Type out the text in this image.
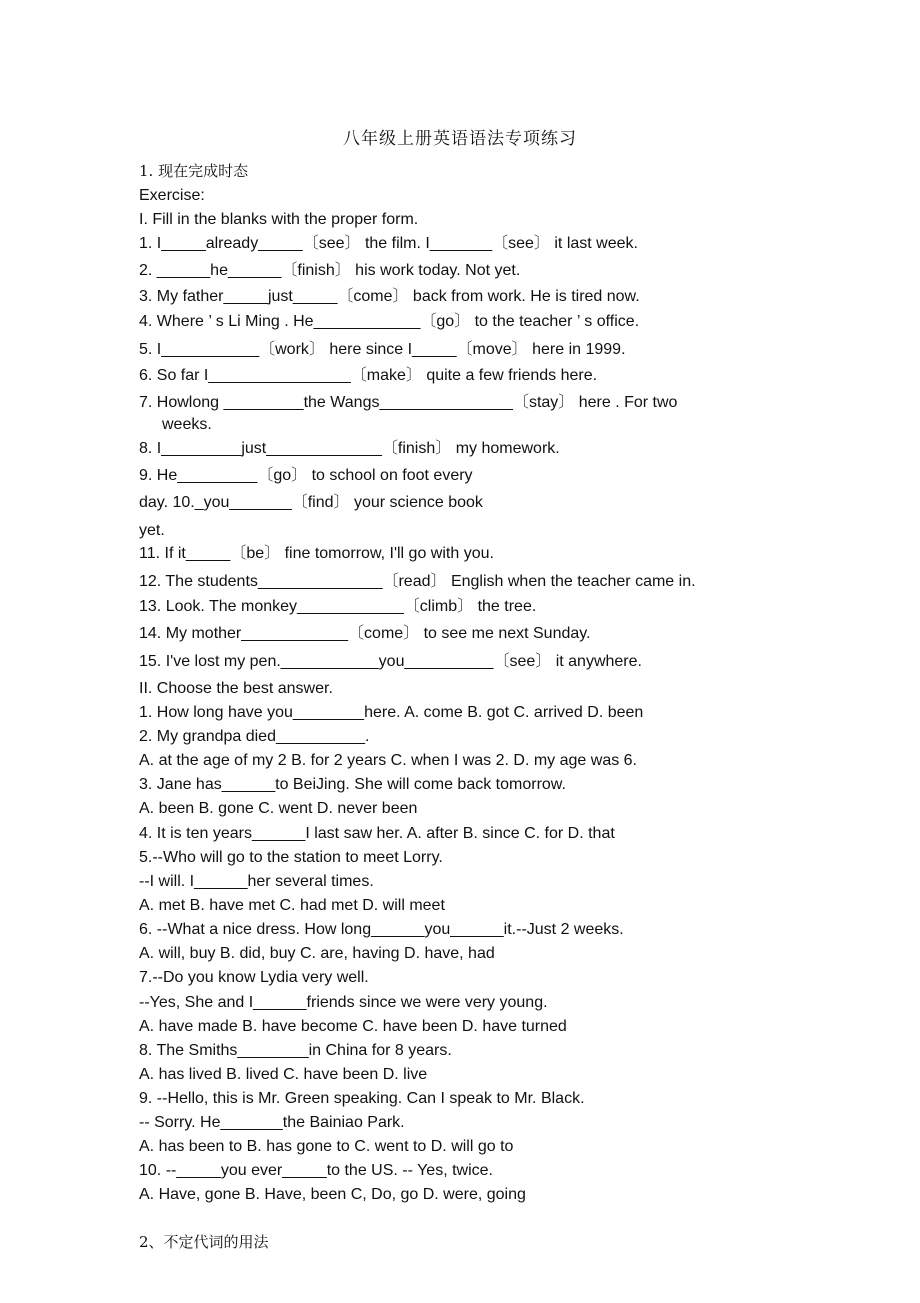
八年级上册英语语法专项练习
1. 现在完成时态
Exercise:
I. Fill in the blanks with the proper form.
1. I_____already_____〔see〕 the film. I_______〔see〕 it last week.
2. ______he______〔finish〕 his work today. Not yet.
3. My father_____just_____〔come〕 back from work. He is tired now.
4. Where ’ s Li Ming . He____________〔go〕 to the teacher ’ s office.
5. I___________〔work〕 here since I_____〔move〕 here in 1999.
6. So far I________________〔make〕 quite a few friends here.
7. Howlong _________the Wangs_______________〔stay〕 here . For two
weeks.
8. I_________just_____________〔finish〕 my homework.
9. He_________〔go〕 to school on foot every
day. 10._you_______〔find〕 your science book
yet.
11. If it_____〔be〕 fine tomorrow, I'll go with you.
12. The students______________〔read〕 English when the teacher came in.
13. Look. The monkey____________〔climb〕 the tree.
14. My mother____________〔come〕 to see me next Sunday.
15. I've lost my pen.___________you__________〔see〕 it anywhere.
II. Choose the best answer.
1. How long have you________here. A. come B. got C. arrived D. been
2. My grandpa died__________.
A. at the age of my 2 B. for 2 years C. when I was 2. D. my age was 6.
3. Jane has______to BeiJing. She will come back tomorrow.
A. been B. gone C. went D. never been
4. It is ten years______I last saw her. A. after B. since C. for D. that
5.--Who will go to the station to meet Lorry.
--I will. I______her several times.
A. met B. have met C. had met D. will meet
6. --What a nice dress. How long______you______it.--Just 2 weeks.
A. will, buy B. did, buy C. are, having D. have, had
7.--Do you know Lydia very well.
--Yes, She and I______friends since we were very young.
A. have made B. have become C. have been D. have turned
8. The Smiths________in China for 8 years.
A. has lived B. lived C. have been D. live
9. --Hello, this is Mr. Green speaking. Can I speak to Mr. Black.
-- Sorry. He_______the Bainiao Park.
A. has been to B. has gone to C. went to D. will go to
10. --_____you ever_____to the US. -- Yes, twice.
A. Have, gone B. Have, been C, Do, go D. were, going
2、不定代词的用法
